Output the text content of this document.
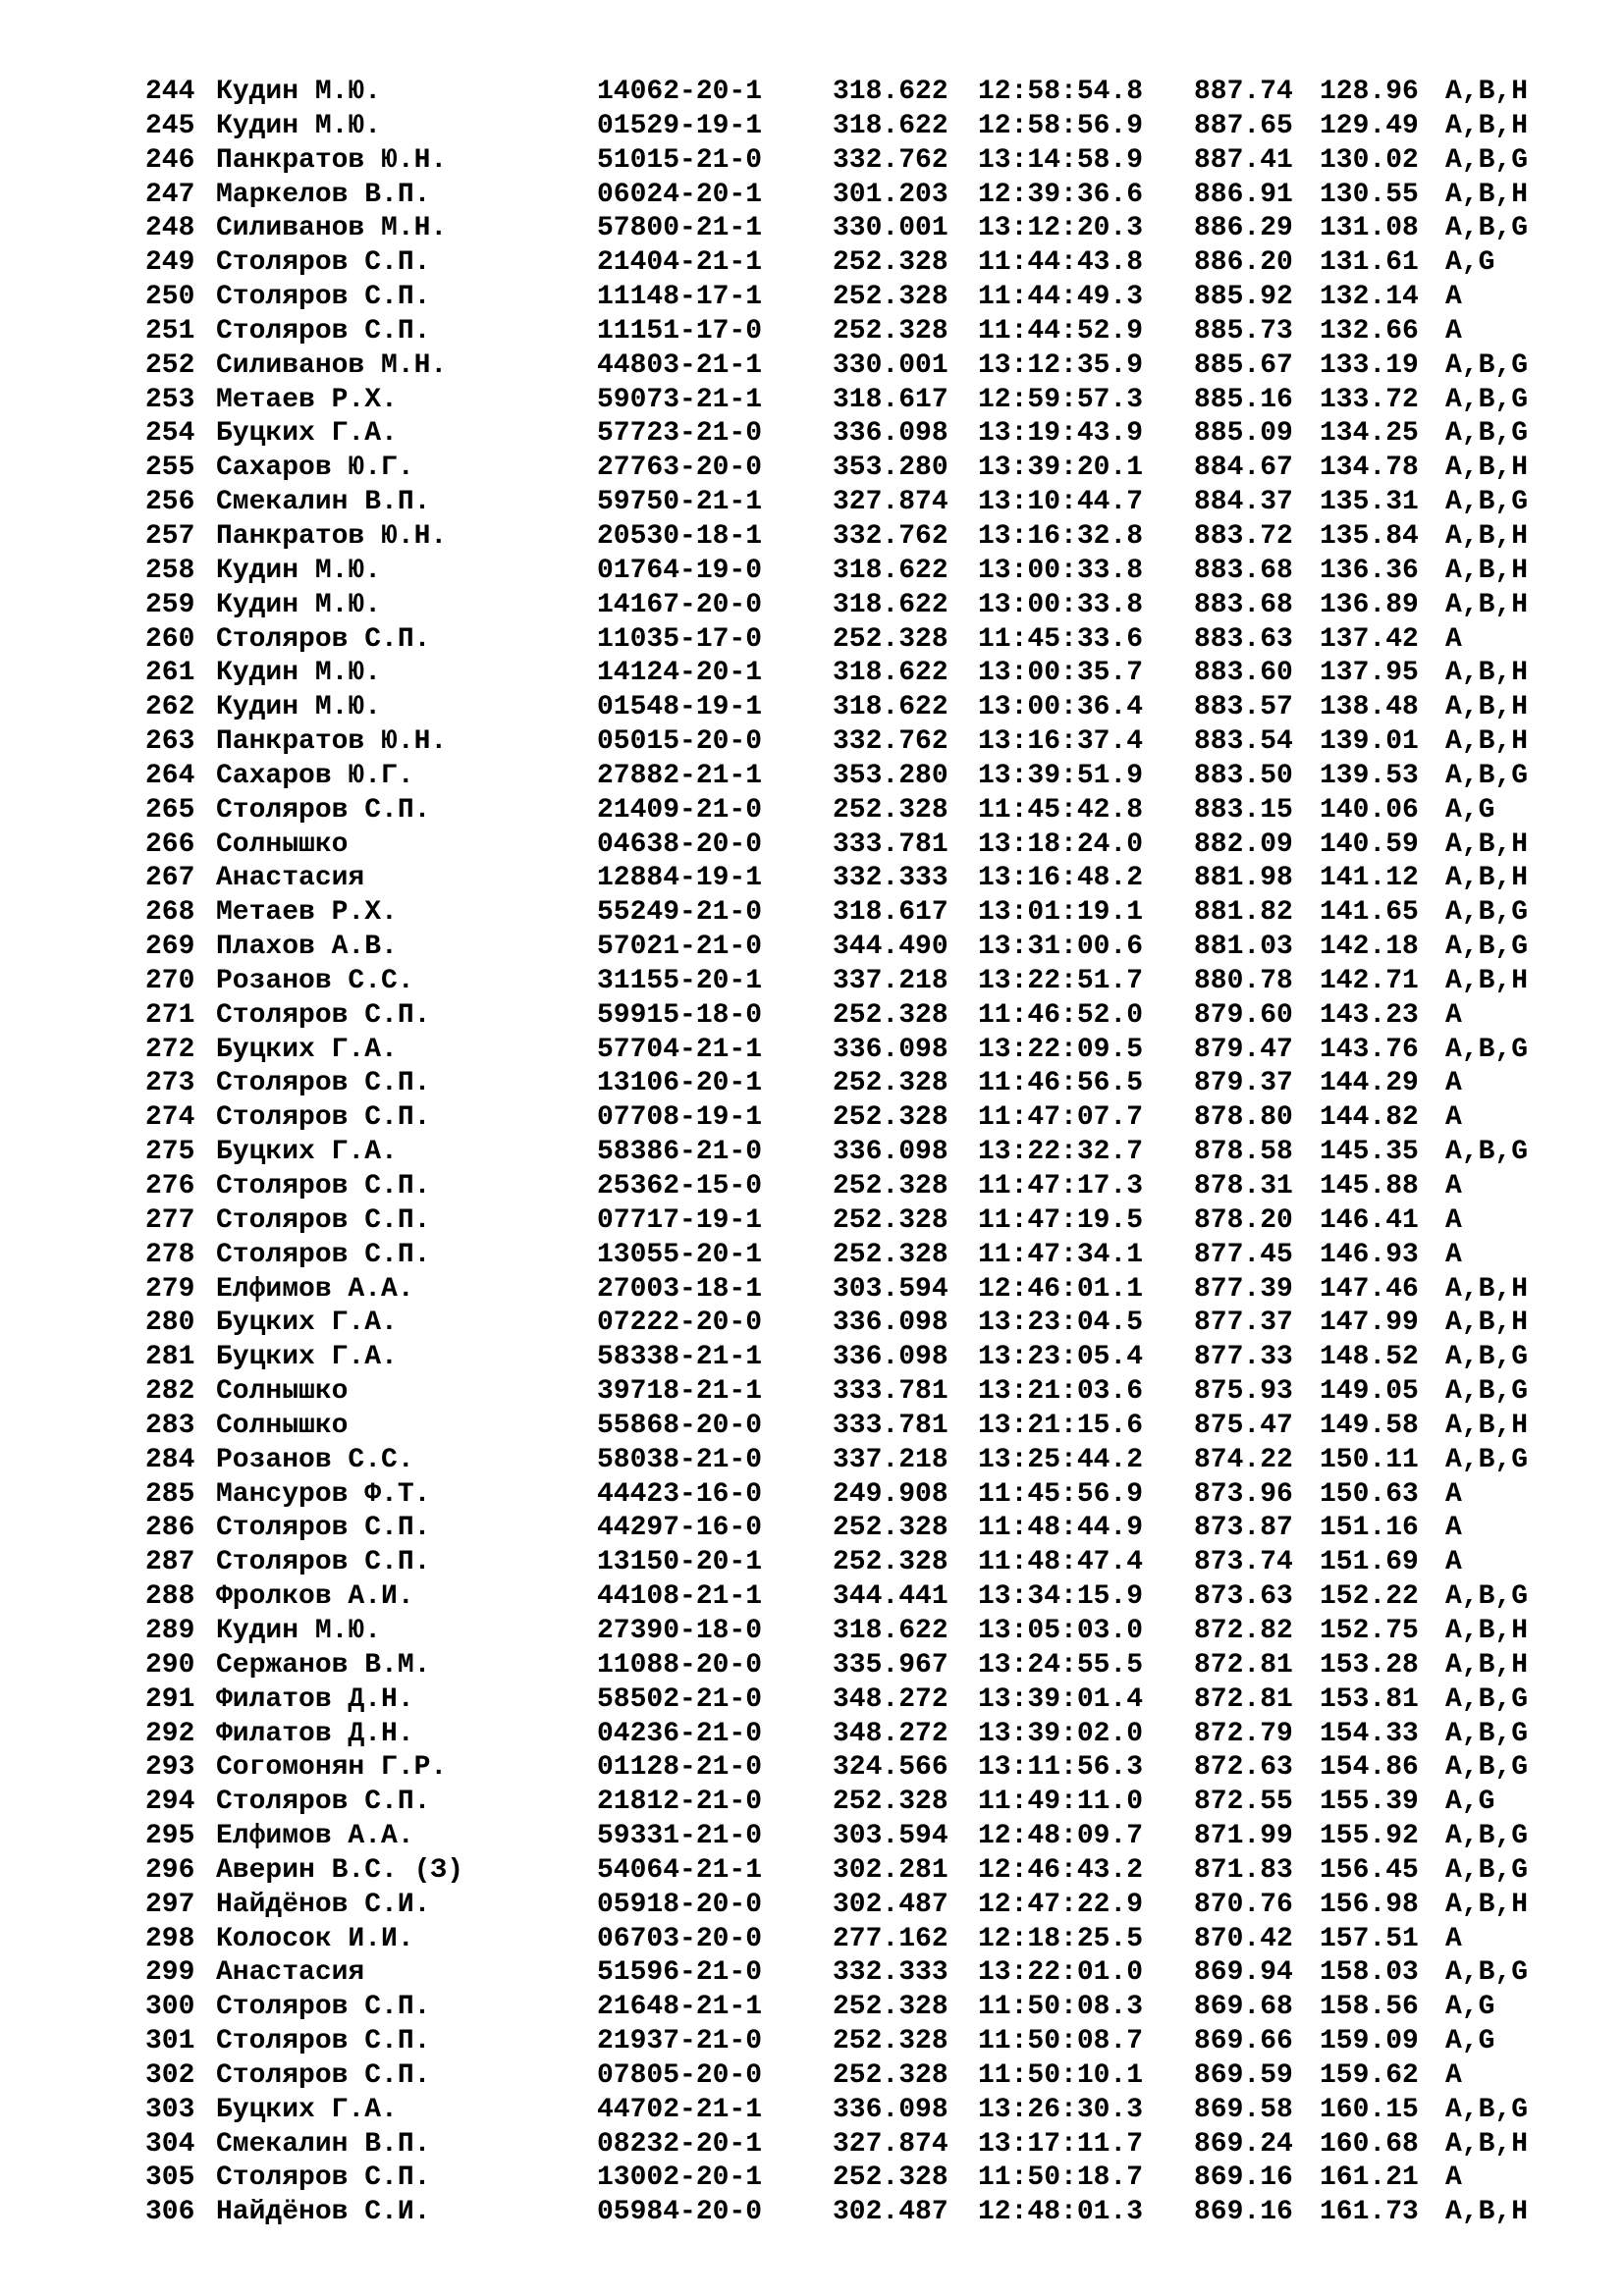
244 Кудин М.Ю.	14062-20-1	318.622 12:58:54.8 887.74 128.96 A,B,H
245 Кудин М.Ю.	01529-19-1	318.622 12:58:56.9 887.65 129.49 A,B,H
246 Панкратов Ю.Н.	51015-21-0	332.762 13:14:58.9 887.41 130.02 A,B,G
247 Маркелов В.П.	06024-20-1	301.203 12:39:36.6 886.91 130.55 A,B,H
248 Силиванов М.Н.	57800-21-1	330.001 13:12:20.3 886.29 131.08 A,B,G
249 Столяров С.П.	21404-21-1	252.328 11:44:43.8 886.20 131.61 A,G
250 Столяров С.П.	11148-17-1	252.328 11:44:49.3 885.92 132.14 A
251 Столяров С.П.	11151-17-0	252.328 11:44:52.9 885.73 132.66 A
252 Силиванов М.Н.	44803-21-1	330.001 13:12:35.9 885.67 133.19 A,B,G
253 Метаев Р.Х.	59073-21-1	318.617 12:59:57.3 885.16 133.72 A,B,G
254 Буцких Г.А.	57723-21-0	336.098 13:19:43.9 885.09 134.25 A,B,G
255 Сахаров Ю.Г.	27763-20-0	353.280 13:39:20.1 884.67 134.78 A,B,H
256 Смекалин В.П.	59750-21-1	327.874 13:10:44.7 884.37 135.31 A,B,G
257 Панкратов Ю.Н.	20530-18-1	332.762 13:16:32.8 883.72 135.84 A,B,H
258 Кудин М.Ю.	01764-19-0	318.622 13:00:33.8 883.68 136.36 A,B,H
259 Кудин М.Ю.	14167-20-0	318.622 13:00:33.8 883.68 136.89 A,B,H
260 Столяров С.П.	11035-17-0	252.328 11:45:33.6 883.63 137.42 A
261 Кудин М.Ю.	14124-20-1	318.622 13:00:35.7 883.60 137.95 A,B,H
262 Кудин М.Ю.	01548-19-1	318.622 13:00:36.4 883.57 138.48 A,B,H
263 Панкратов Ю.Н.	05015-20-0	332.762 13:16:37.4 883.54 139.01 A,B,H
264 Сахаров Ю.Г.	27882-21-1	353.280 13:39:51.9 883.50 139.53 A,B,G
265 Столяров С.П.	21409-21-0	252.328 11:45:42.8 883.15 140.06 A,G
266 Солнышко	04638-20-0	333.781 13:18:24.0 882.09 140.59 A,B,H
267 Анастасия	12884-19-1	332.333 13:16:48.2 881.98 141.12 A,B,H
268 Метаев Р.Х.	55249-21-0	318.617 13:01:19.1 881.82 141.65 A,B,G
269 Плахов А.В.	57021-21-0	344.490 13:31:00.6 881.03 142.18 A,B,G
270 Розанов С.С.	31155-20-1	337.218 13:22:51.7 880.78 142.71 A,B,H
271 Столяров С.П.	59915-18-0	252.328 11:46:52.0 879.60 143.23 A
272 Буцких Г.А.	57704-21-1	336.098 13:22:09.5 879.47 143.76 A,B,G
273 Столяров С.П.	13106-20-1	252.328 11:46:56.5 879.37 144.29 A
274 Столяров С.П.	07708-19-1	252.328 11:47:07.7 878.80 144.82 A
275 Буцких Г.А.	58386-21-0	336.098 13:22:32.7 878.58 145.35 A,B,G
276 Столяров С.П.	25362-15-0	252.328 11:47:17.3 878.31 145.88 A
277 Столяров С.П.	07717-19-1	252.328 11:47:19.5 878.20 146.41 A
278 Столяров С.П.	13055-20-1	252.328 11:47:34.1 877.45 146.93 A
279 Елфимов А.А.	27003-18-1	303.594 12:46:01.1 877.39 147.46 A,B,H
280 Буцких Г.А.	07222-20-0	336.098 13:23:04.5 877.37 147.99 A,B,H
281 Буцких Г.А.	58338-21-1	336.098 13:23:05.4 877.33 148.52 A,B,G
282 Солнышко	39718-21-1	333.781 13:21:03.6 875.93 149.05 A,B,G
283 Солнышко	55868-20-0	333.781 13:21:15.6 875.47 149.58 A,B,H
284 Розанов С.С.	58038-21-0	337.218 13:25:44.2 874.22 150.11 A,B,G
285 Мансуров Ф.Т.	44423-16-0	249.908 11:45:56.9 873.96 150.63 A
286 Столяров С.П.	44297-16-0	252.328 11:48:44.9 873.87 151.16 A
287 Столяров С.П.	13150-20-1	252.328 11:48:47.4 873.74 151.69 A
288 Фролков А.И.	44108-21-1	344.441 13:34:15.9 873.63 152.22 A,B,G
289 Кудин М.Ю.	27390-18-0	318.622 13:05:03.0 872.82 152.75 A,B,H
290 Сержанов В.М.	11088-20-0	335.967 13:24:55.5 872.81 153.28 A,B,H
291 Филатов Д.Н.	58502-21-0	348.272 13:39:01.4 872.81 153.81 A,B,G
292 Филатов Д.Н.	04236-21-0	348.272 13:39:02.0 872.79 154.33 A,B,G
293 Согомонян Г.Р.	01128-21-0	324.566 13:11:56.3 872.63 154.86 A,B,G
294 Столяров С.П.	21812-21-0	252.328 11:49:11.0 872.55 155.39 A,G
295 Елфимов А.А.	59331-21-0	303.594 12:48:09.7 871.99 155.92 A,B,G
296 Аверин В.С. (З)	54064-21-1	302.281 12:46:43.2 871.83 156.45 A,B,G
297 Найдёнов С.И.	05918-20-0	302.487 12:47:22.9 870.76 156.98 A,B,H
298 Колосок И.И.	06703-20-0	277.162 12:18:25.5 870.42 157.51 A
299 Анастасия	51596-21-0	332.333 13:22:01.0 869.94 158.03 A,B,G
300 Столяров С.П.	21648-21-1	252.328 11:50:08.3 869.68 158.56 A,G
301 Столяров С.П.	21937-21-0	252.328 11:50:08.7 869.66 159.09 A,G
302 Столяров С.П.	07805-20-0	252.328 11:50:10.1 869.59 159.62 A
303 Буцких Г.А.	44702-21-1	336.098 13:26:30.3 869.58 160.15 A,B,G
304 Смекалин В.П.	08232-20-1	327.874 13:17:11.7 869.24 160.68 A,B,H
305 Столяров С.П.	13002-20-1	252.328 11:50:18.7 869.16 161.21 A
306 Найдёнов С.И.	05984-20-0	302.487 12:48:01.3 869.16 161.73 A,B,H
